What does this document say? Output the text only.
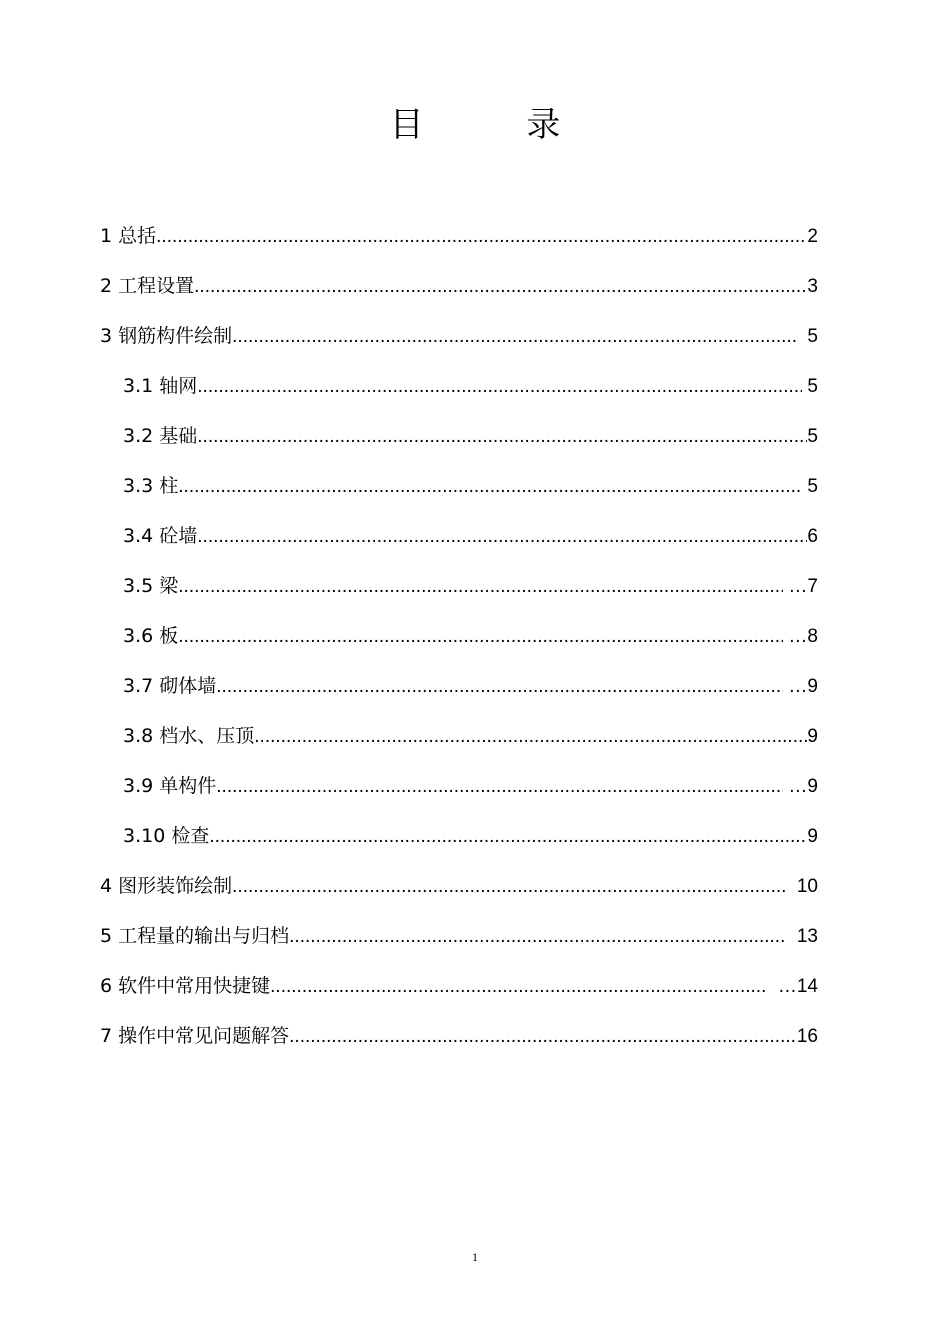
目 录
1 总括 .....	2
2 工程设置 .....	3
3 钢筋构件绘制 .....	5
3.1 轴网 .....	5
3.2 基础 .....	5
3.3 柱 .....	5
3.4 砼墙 .....	6
3.5 梁 .....	…7
3.6 板 .....	…8
3.7 砌体墙 .....	…9
3.8 档水、压顶 .....	9
3.9 单构件 .....	…9
3.10 检查 .....	9
4 图形装饰绘制 .....	10
5 工程量的输出与归档 .....	13
6 软件中常用快捷键 .....	…14
7 操作中常见问题解答 .....	16
1
